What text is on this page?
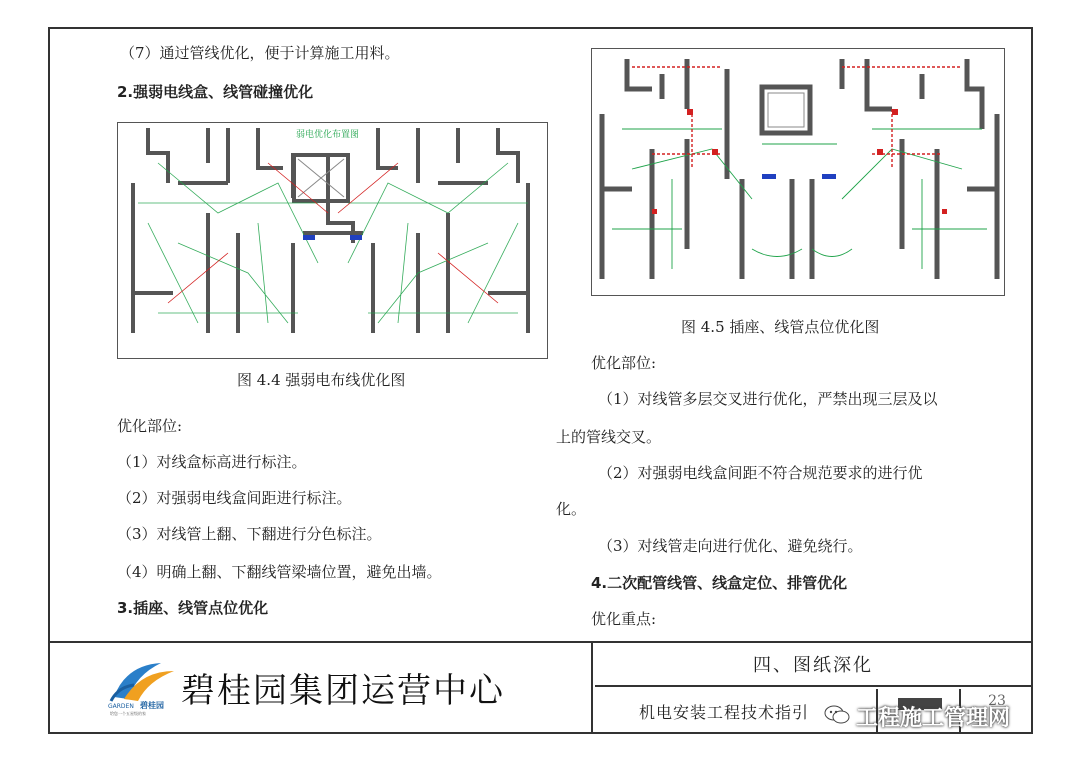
（7）通过管线优化，便于计算施工用料。
2.强弱电线盒、线管碰撞优化
弱电优化布置图
图 4.4 强弱电布线优化图
优化部位:
（1）对线盒标高进行标注。
（2）对强弱电线盒间距进行标注。
（3）对线管上翻、下翻进行分色标注。
（4）明确上翻、下翻线管梁墙位置，避免出墙。
3.插座、线管点位优化
图 4.5 插座、线管点位优化图
优化部位:
（1）对线管多层交叉进行优化，严禁出现三层及以
上的管线交叉。
（2）对强弱电线盒间距不符合规范要求的进行优
化。
（3）对线管走向进行优化、避免绕行。
4.二次配管线管、线盒定位、排管优化
优化重点:
GARDEN 碧桂园
给您一个五星级的家
碧桂园集团运营中心
四、图纸深化
机电安装工程技术指引
23
工程施工管理网
